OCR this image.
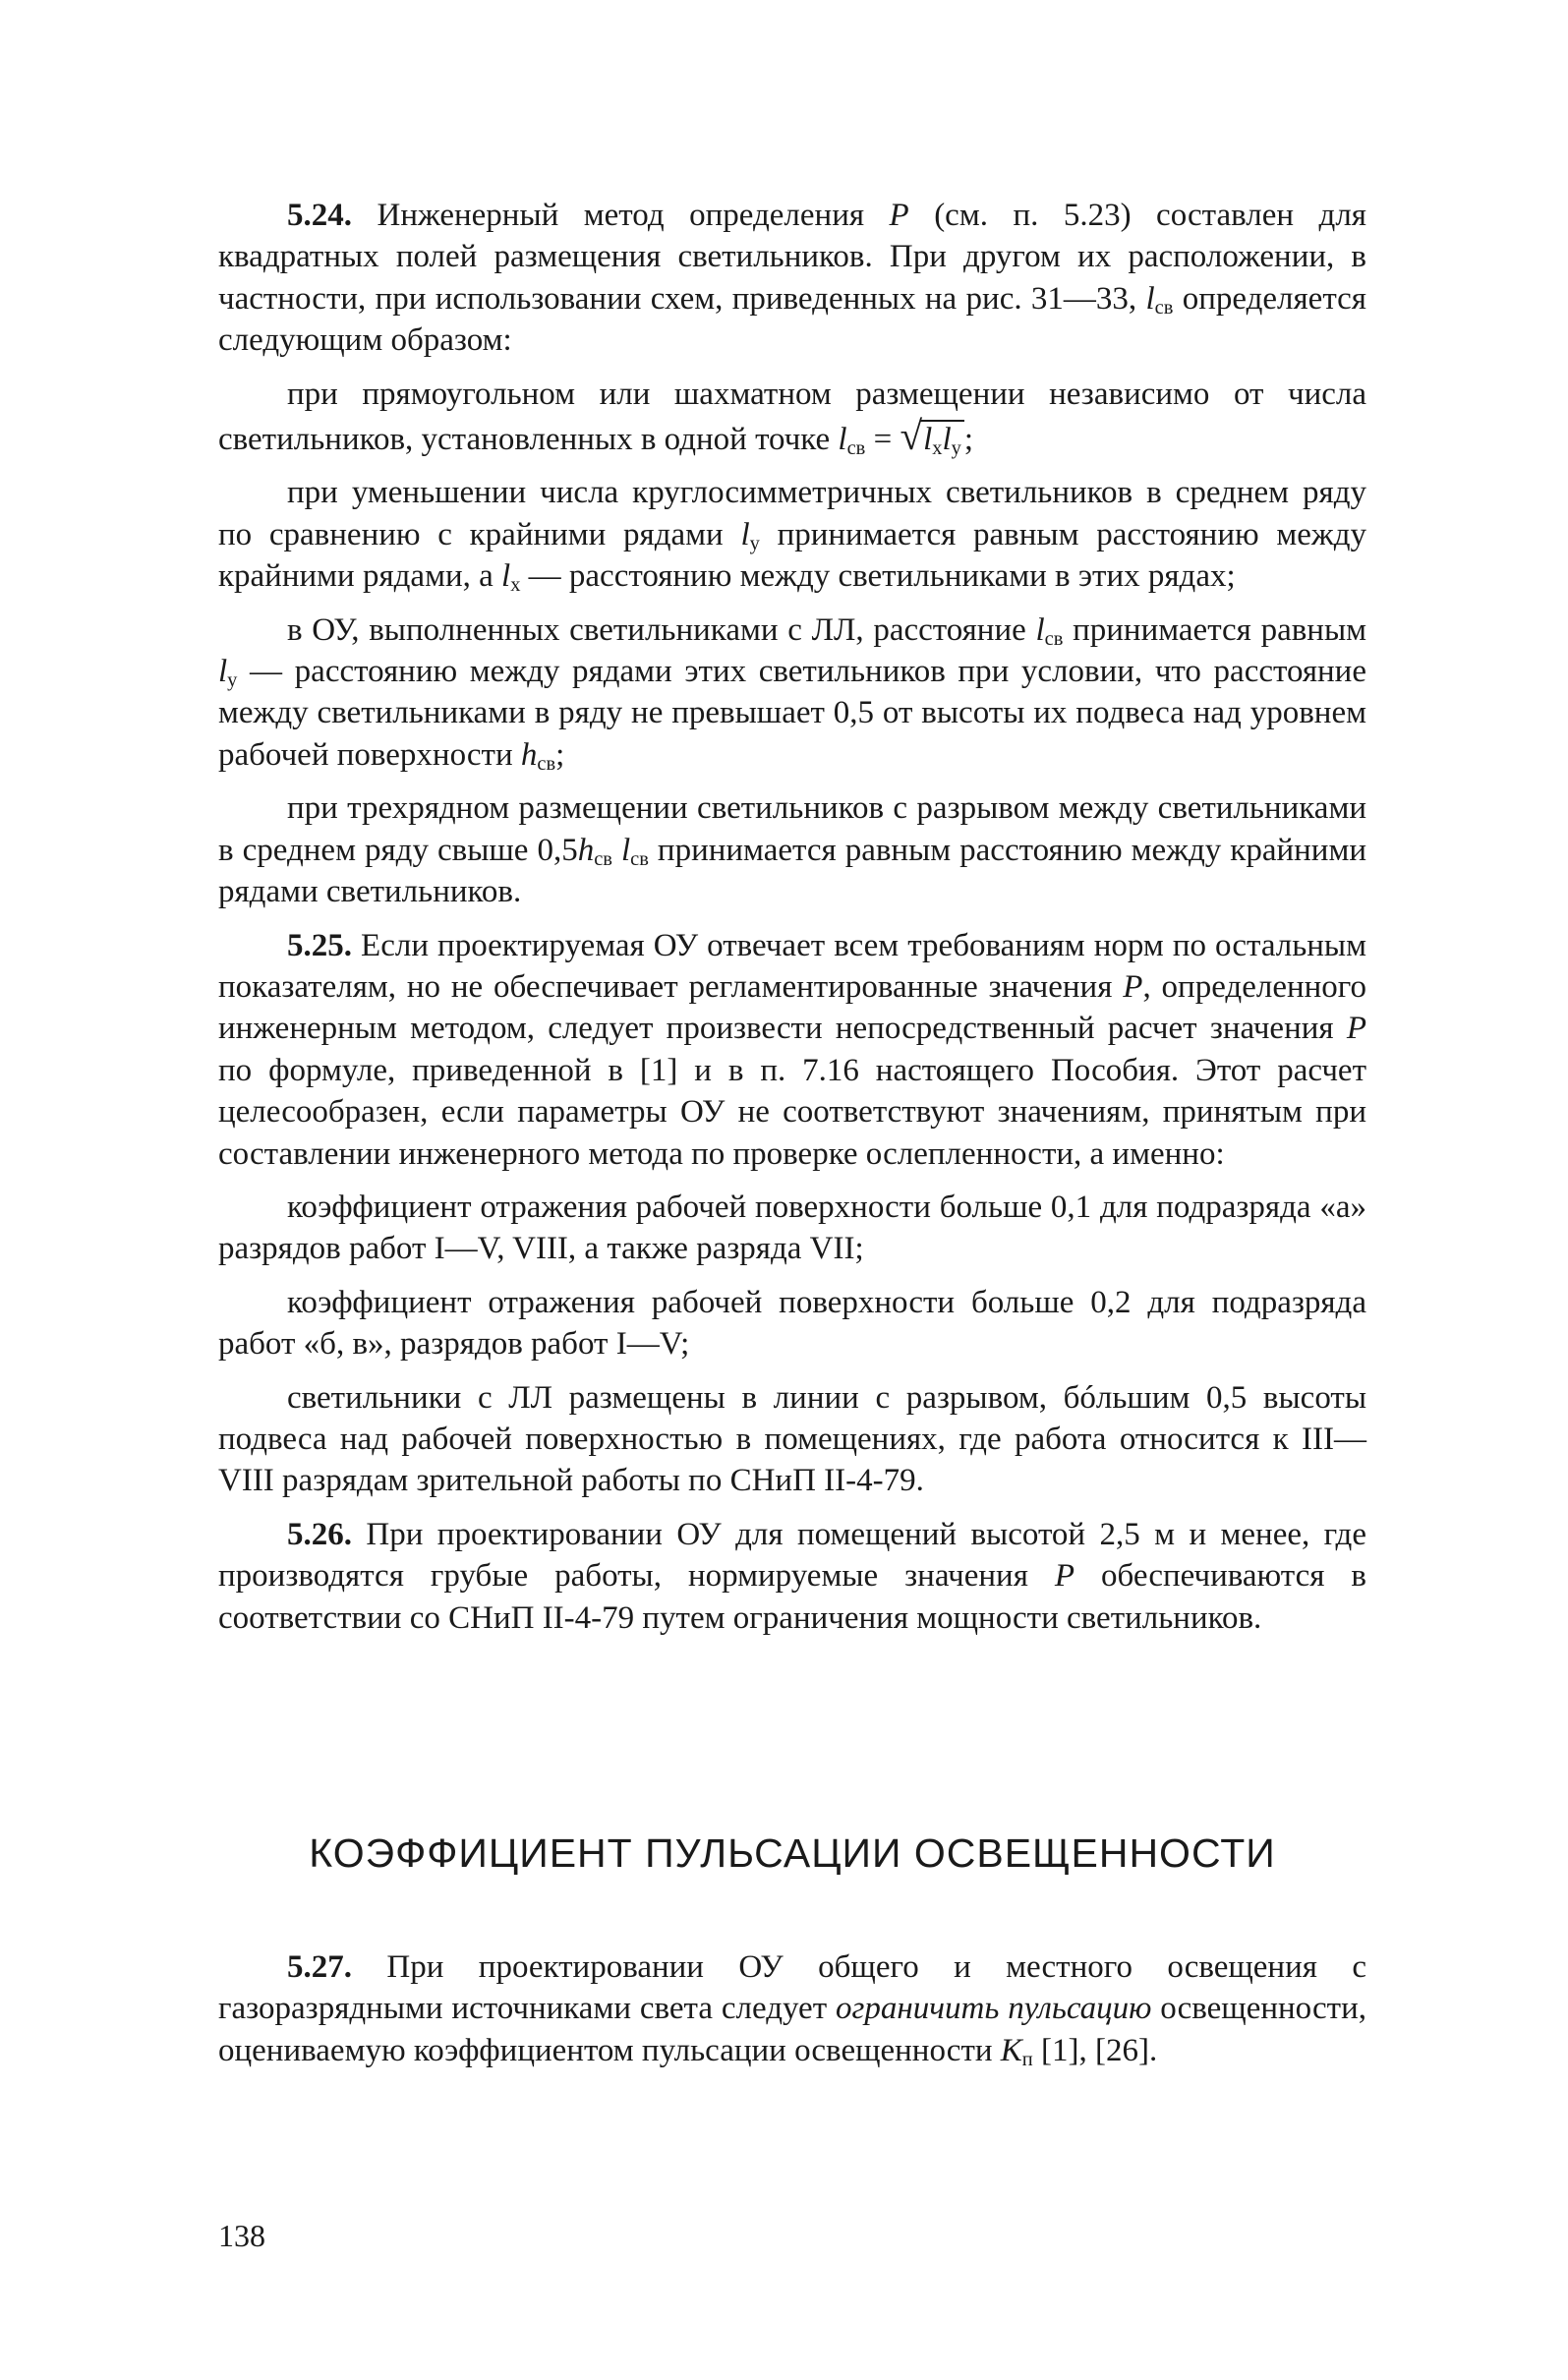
5.24. Инженерный метод определения P (см. п. 5.23) составлен для квадратных полей размещения светильников. При другом их расположении, в частности, при использовании схем, приведенных на рис. 31—33, $l_{св}$ определяется следующим образом:

при прямоугольном или шахматном размещении независимо от числа светильников, установленных в одной точке $l_{св} = √l_xl_y$;

при уменьшении числа круглосимметричных светильников в среднем ряду по сравнению с крайними рядами $l_y$ принимается равным расстоянию между крайними рядами, а $l_x$ — расстоянию между светильниками в этих рядах;

в ОУ, выполненных светильниками с ЛЛ, расстояние $l_{св}$ принимается равным $l_y$ — расстоянию между рядами этих светильников при условии, что расстояние между светильниками в ряду не превышает 0,5 от высоты их подвеса над уровнем рабочей поверхности $h_{св}$;

при трехрядном размещении светильников с разрывом между светильниками в среднем ряду свыше $0,5h_{св}$ $l_{св}$ принимается равным расстоянию между крайними рядами светильников.

5.25. Если проектируемая ОУ отвечает всем требованиям норм по остальным показателям, но не обеспечивает регламентированные значения P, определенного инженерным методом, следует произвести непосредственный расчет значения P по формуле, приведенной в [1] и в п. 7.16 настоящего Пособия. Этот расчет целесообразен, если параметры ОУ не соответствуют значениям, принятым при составлении инженерного метода по проверке ослепленности, а именно:

коэффициент отражения рабочей поверхности больше 0,1 для подразряда «а» разрядов работ I—V, VIII, а также разряда VII;

коэффициент отражения рабочей поверхности больше 0,2 для подразряда работ «б, в», разрядов работ I—V;

светильники с ЛЛ размещены в линии с разрывом, бóльшим 0,5 высоты подвеса над рабочей поверхностью в помещениях, где работа относится к III—VIII разрядам зрительной работы по СНиП II-4-79.

5.26. При проектировании ОУ для помещений высотой 2,5 м и менее, где производятся грубые работы, нормируемые значения P обеспечиваются в соответствии со СНиП II-4-79 путем ограничения мощности светильников.

КОЭФФИЦИЕНТ ПУЛЬСАЦИИ ОСВЕЩЕННОСТИ

5.27. При проектировании ОУ общего и местного освещения с газоразрядными источниками света следует ограничить пульсацию освещенности, оцениваемую коэффициентом пульсации освещенности $K_п$ [1], [26].

138
